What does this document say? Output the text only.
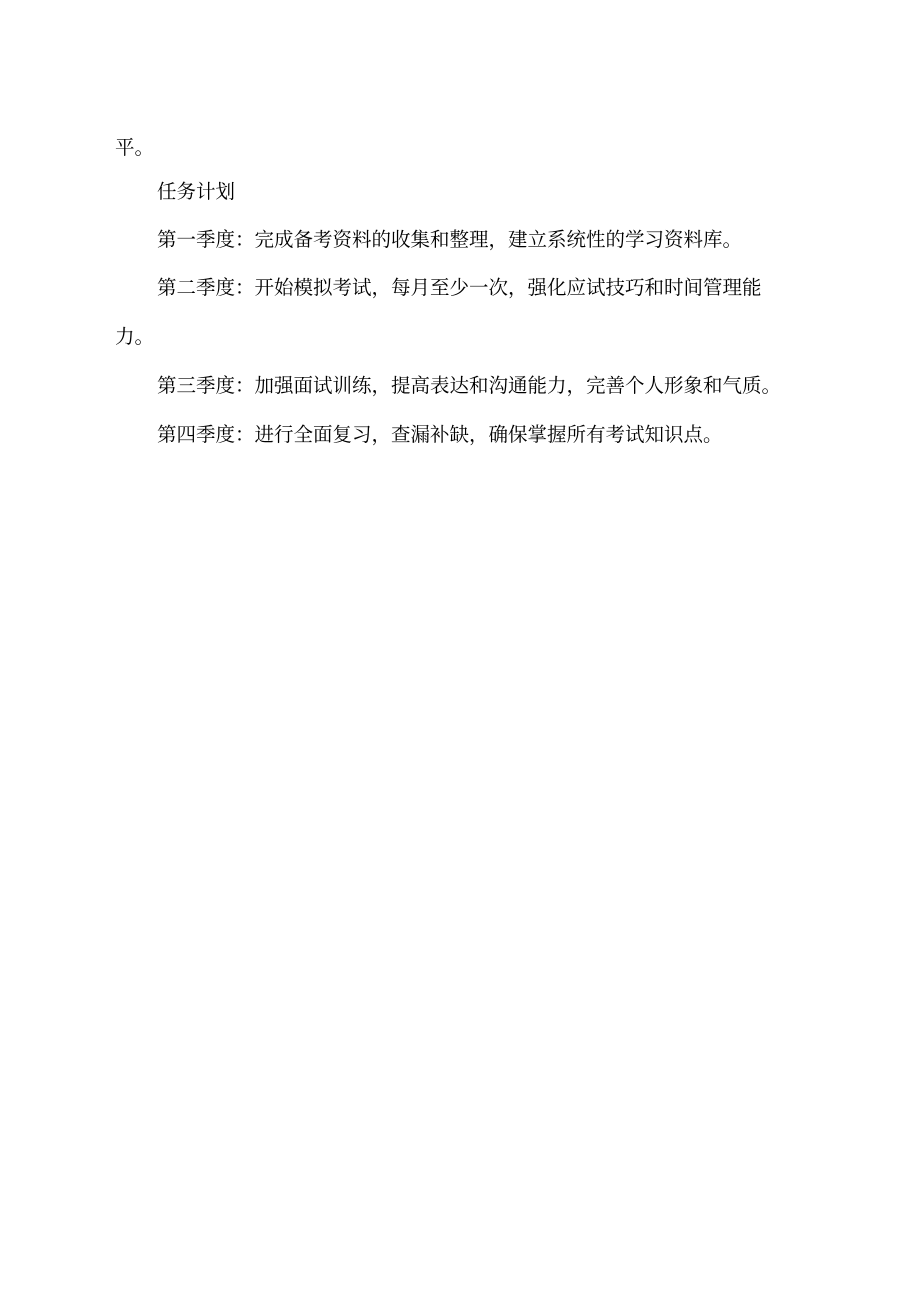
平。

任务计划

第一季度：完成备考资料的收集和整理，建立系统性的学习资料库。

第二季度：开始模拟考试，每月至少一次，强化应试技巧和时间管理能

力。

第三季度：加强面试训练，提高表达和沟通能力，完善个人形象和气质。

第四季度：进行全面复习，查漏补缺，确保掌握所有考试知识点。
